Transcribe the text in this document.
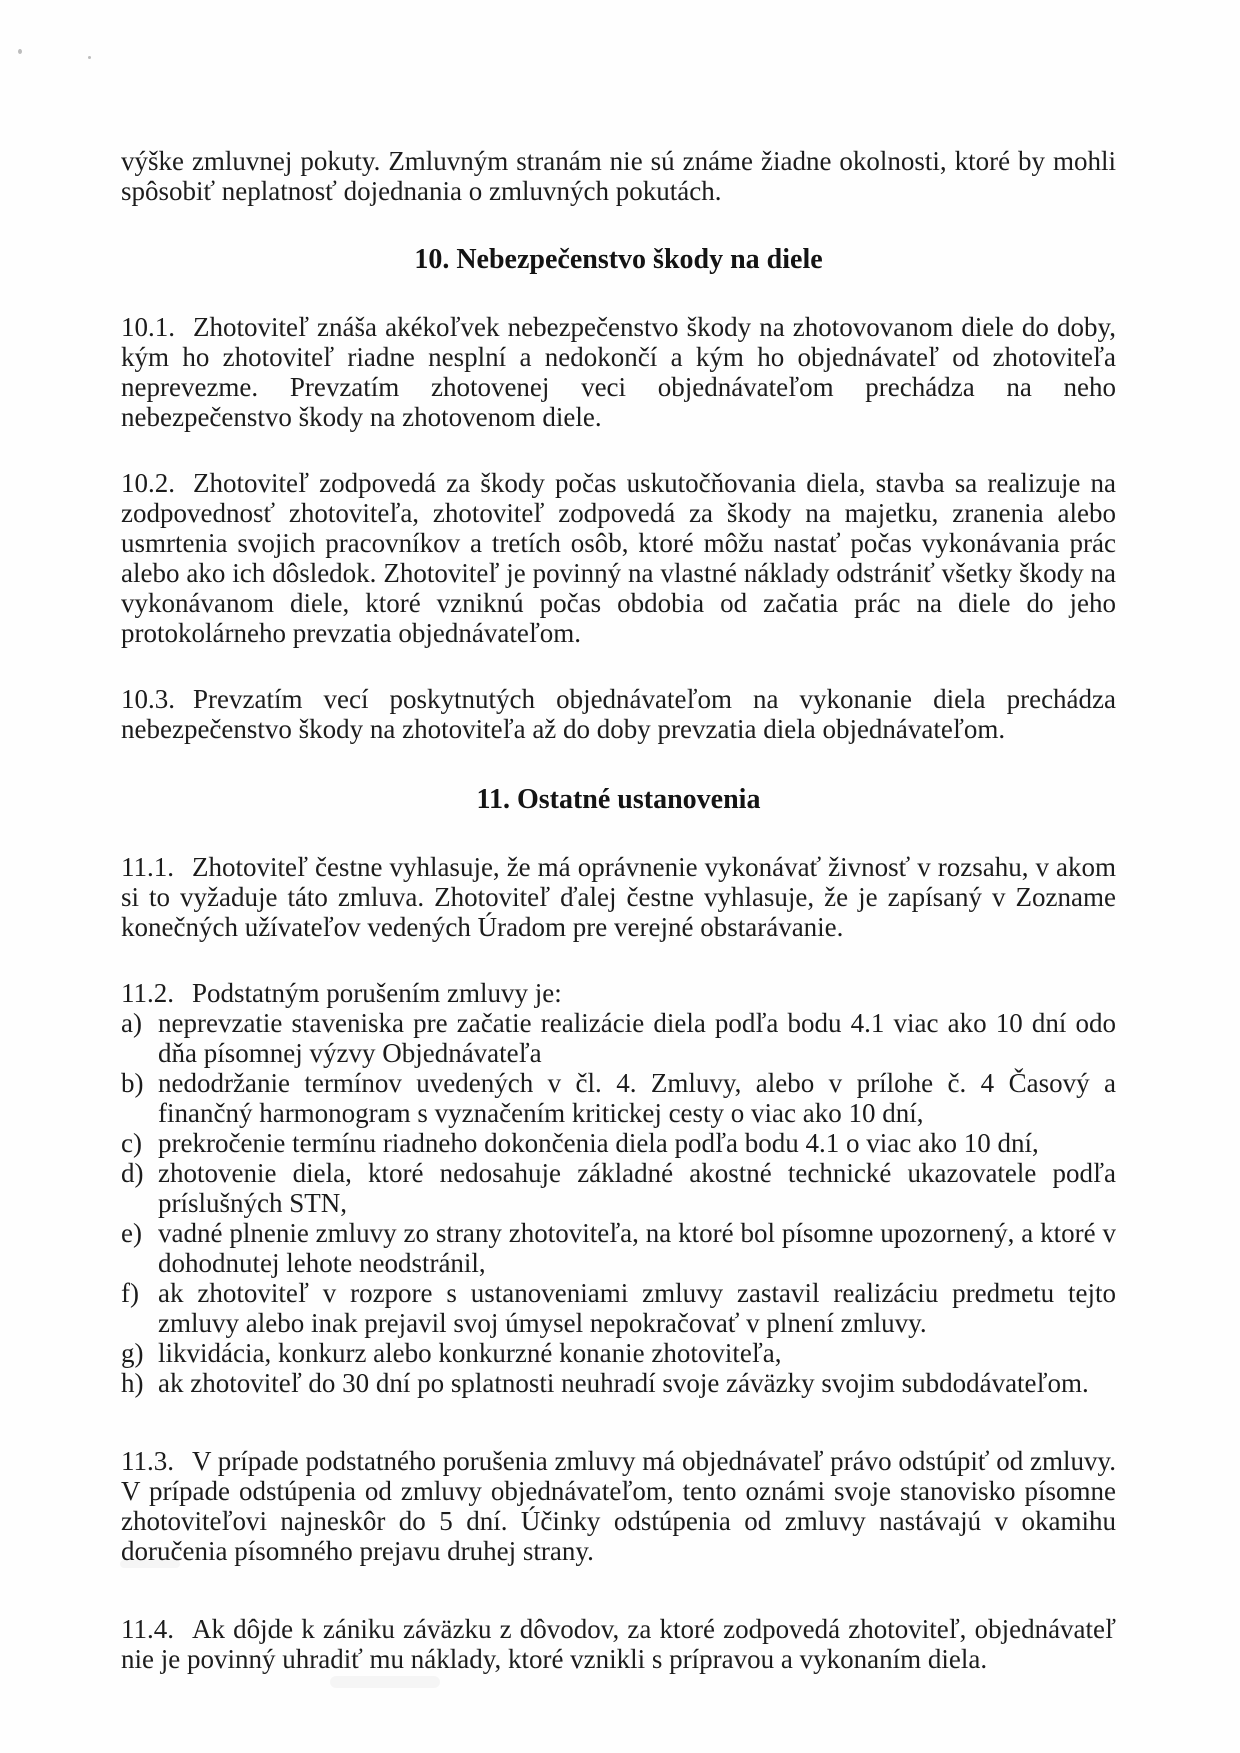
výške zmluvnej pokuty. Zmluvným stranám nie sú známe žiadne okolnosti, ktoré by mohli spôsobiť neplatnosť dojednania o zmluvných pokutách.

10. Nebezpečenstvo škody na diele

10.1. Zhotoviteľ znáša akékoľvek nebezpečenstvo škody na zhotovovanom diele do doby, kým ho zhotoviteľ riadne nesplní a nedokončí a kým ho objednávateľ od zhotoviteľa neprevezme. Prevzatím zhotovenej veci objednávateľom prechádza na neho nebezpečenstvo škody na zhotovenom diele.

10.2. Zhotoviteľ zodpovedá za škody počas uskutočňovania diela, stavba sa realizuje na zodpovednosť zhotoviteľa, zhotoviteľ zodpovedá za škody na majetku, zranenia alebo usmrtenia svojich pracovníkov a tretích osôb, ktoré môžu nastať počas vykonávania prác alebo ako ich dôsledok. Zhotoviteľ je povinný na vlastné náklady odstrániť všetky škody na vykonávanom diele, ktoré vzniknú počas obdobia od začatia prác na diele do jeho protokolárneho prevzatia objednávateľom.

10.3. Prevzatím vecí poskytnutých objednávateľom na vykonanie diela prechádza nebezpečenstvo škody na zhotoviteľa až do doby prevzatia diela objednávateľom.

11. Ostatné ustanovenia

11.1. Zhotoviteľ čestne vyhlasuje, že má oprávnenie vykonávať živnosť v rozsahu, v akom si to vyžaduje táto zmluva. Zhotoviteľ ďalej čestne vyhlasuje, že je zapísaný v Zozname konečných užívateľov vedených Úradom pre verejné obstarávanie.

11.2. Podstatným porušením zmluvy je:

a) neprevzatie staveniska pre začatie realizácie diela podľa bodu 4.1 viac ako 10 dní odo dňa písomnej výzvy Objednávateľa
b) nedodržanie termínov uvedených v čl. 4. Zmluvy, alebo v prílohe č. 4 Časový a finančný harmonogram s vyznačením kritickej cesty o viac ako 10 dní,
c) prekročenie termínu riadneho dokončenia diela podľa bodu 4.1 o viac ako 10 dní,
d) zhotovenie diela, ktoré nedosahuje základné akostné technické ukazovatele podľa príslušných STN,
e) vadné plnenie zmluvy zo strany zhotoviteľa, na ktoré bol písomne upozornený, a ktoré v dohodnutej lehote neodstránil,
f) ak zhotoviteľ v rozpore s ustanoveniami zmluvy zastavil realizáciu predmetu tejto zmluvy alebo inak prejavil svoj úmysel nepokračovať v plnení zmluvy.
g) likvidácia, konkurz alebo konkurzné konanie zhotoviteľa,
h) ak zhotoviteľ do 30 dní po splatnosti neuhradí svoje záväzky svojim subdodávateľom.

11.3. V prípade podstatného porušenia zmluvy má objednávateľ právo odstúpiť od zmluvy. V prípade odstúpenia od zmluvy objednávateľom, tento oznámi svoje stanovisko písomne zhotoviteľovi najneskôr do 5 dní. Účinky odstúpenia od zmluvy nastávajú v okamihu doručenia písomného prejavu druhej strany.

11.4. Ak dôjde k zániku záväzku z dôvodov, za ktoré zodpovedá zhotoviteľ, objednávateľ nie je povinný uhradiť mu náklady, ktoré vznikli s prípravou a vykonaním diela.
